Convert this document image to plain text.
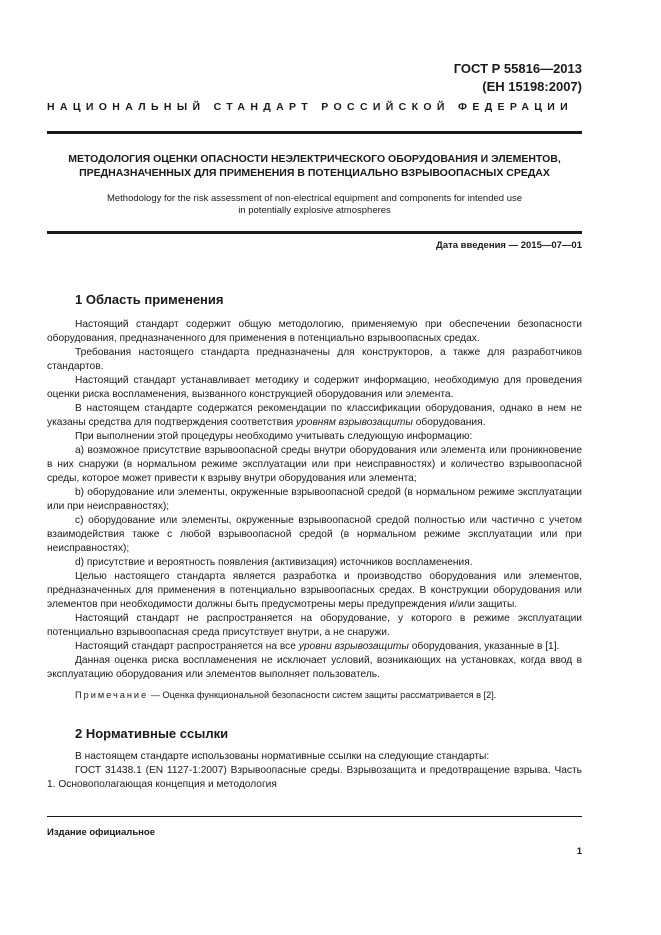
ГОСТ Р 55816—2013
(ЕН 15198:2007)
НАЦИОНАЛЬНЫЙ СТАНДАРТ РОССИЙСКОЙ ФЕДЕРАЦИИ
МЕТОДОЛОГИЯ ОЦЕНКИ ОПАСНОСТИ НЕЭЛЕКТРИЧЕСКОГО ОБОРУДОВАНИЯ И ЭЛЕМЕНТОВ,
ПРЕДНАЗНАЧЕННЫХ ДЛЯ ПРИМЕНЕНИЯ В ПОТЕНЦИАЛЬНО ВЗРЫВООПАСНЫХ СРЕДАХ
Methodology for the risk assessment of non-electrical equipment and components for intended use
in potentially explosive atmospheres
Дата введения — 2015—07—01
1 Область применения

Настоящий стандарт содержит общую методологию, применяемую при обеспечении безопасности оборудования, предназначенного для применения в потенциально взрывоопасных средах.

Требования настоящего стандарта предназначены для конструкторов, а также для разработчиков стандартов.

Настоящий стандарт устанавливает методику и содержит информацию, необходимую для проведения оценки риска воспламенения, вызванного конструкцией оборудования или элемента.

В настоящем стандарте содержатся рекомендации по классификации оборудования, однако в нем не указаны средства для подтверждения соответствия уровням взрывозащиты оборудования.

При выполнении этой процедуры необходимо учитывать следующую информацию:

а) возможное присутствие взрывоопасной среды внутри оборудования или элемента или проникновение в них снаружи (в нормальном режиме эксплуатации или при неисправностях) и количество взрывоопасной среды, которое может привести к взрыву внутри оборудования или элемента;

b) оборудование или элементы, окруженные взрывоопасной средой (в нормальном режиме эксплуатации или при неисправностях);

с) оборудование или элементы, окруженные взрывоопасной средой полностью или частично с учетом взаимодействия также с любой взрывоопасной средой (в нормальном режиме эксплуатации или при неисправностях);

d) присутствие и вероятность появления (активизация) источников воспламенения.

Целью настоящего стандарта является разработка и производство оборудования или элементов, предназначенных для применения в потенциально взрывоопасных средах. В конструкции оборудования или элементов при необходимости должны быть предусмотрены меры предупреждения и/или защиты.

Настоящий стандарт не распространяется на оборудование, у которого в режиме эксплуатации потенциально взрывоопасная среда присутствует внутри, а не снаружи.

Настоящий стандарт распространяется на все уровни взрывозащиты оборудования, указанные в [1].

Данная оценка риска воспламенения не исключает условий, возникающих на установках, когда ввод в эксплуатацию оборудования или элементов выполняет пользователь.

Примечание — Оценка функциональной безопасности систем защиты рассматривается в [2].

2 Нормативные ссылки

В настоящем стандарте использованы нормативные ссылки на следующие стандарты:

ГОСТ 31438.1 (EN 1127-1:2007) Взрывоопасные среды. Взрывозащита и предотвращение взрыва. Часть 1. Основополагающая концепция и методология

Издание официальное
1
